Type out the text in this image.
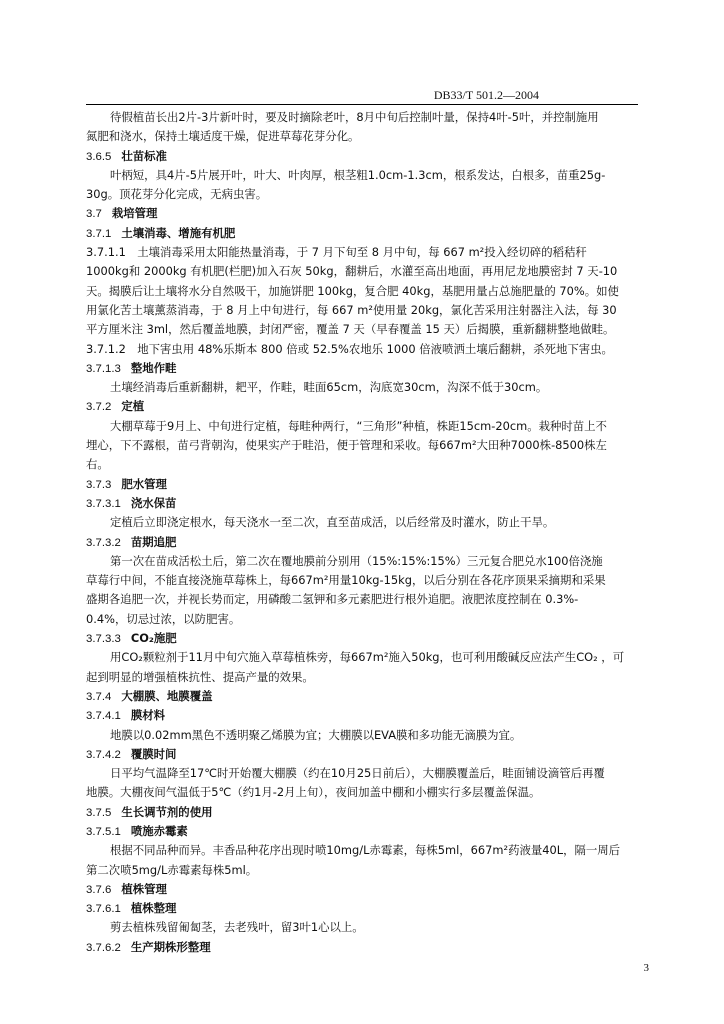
DB33/T 501.2—2004
待假植苗长出2片-3片新叶时，要及时摘除老叶，8月中旬后控制叶量，保持4叶-5叶，并控制施用
氮肥和浇水，保持土壤适度干燥，促进草莓花芽分化。
3.6.5 壮苗标准
叶柄短，具4片-5片展开叶，叶大、叶肉厚，根茎粗1.0cm-1.3cm，根系发达，白根多，苗重25g-
30g。顶花芽分化完成，无病虫害。
3.7 栽培管理
3.7.1 土壤消毒、增施有机肥
3.7.1.1　土壤消毒采用太阳能热量消毒，于 7 月下旬至 8 月中旬，每 667 m²投入经切碎的稻秸秆
1000kg和 2000kg 有机肥(栏肥)加入石灰 50kg，翻耕后，水灌至高出地面，再用尼龙地膜密封 7 天-10
天。揭膜后让土壤将水分自然吸干，加施饼肥 100kg，复合肥 40kg，基肥用量占总施肥量的 70%。如使
用氯化苦土壤薰蒸消毒，于 8 月上中旬进行，每 667 m²使用量 20kg，氯化苦采用注射器注入法，每 30
平方厘米注 3ml，然后覆盖地膜，封闭严密，覆盖 7 天（早春覆盖 15 天）后揭膜，重新翻耕整地做畦。
3.7.1.2　地下害虫用 48%乐斯本 800 倍或 52.5%农地乐 1000 倍液喷洒土壤后翻耕，杀死地下害虫。
3.7.1.3 整地作畦
土壤经消毒后重新翻耕，耙平，作畦，畦面65cm，沟底宽30cm，沟深不低于30cm。
3.7.2 定植
大棚草莓于9月上、中旬进行定植，每畦种两行，“三角形”种植，株距15cm-20cm。栽种时苗上不
埋心，下不露根，苗弓背朝沟，使果实产于畦沿，便于管理和采收。每667m²大田种7000株-8500株左
右。
3.7.3 肥水管理
3.7.3.1 浇水保苗
定植后立即浇定根水，每天浇水一至二次，直至苗成活，以后经常及时灌水，防止干旱。
3.7.3.2 苗期追肥
第一次在苗成活松土后，第二次在覆地膜前分别用（15%:15%:15%）三元复合肥兑水100倍浇施
草莓行中间，不能直接浇施草莓株上，每667m²用量10kg-15kg，以后分别在各花序顶果采摘期和采果
盛期各追肥一次，并视长势而定，用磷酸二氢钾和多元素肥进行根外追肥。液肥浓度控制在 0.3%-
0.4%，切忌过浓，以防肥害。
3.7.3.3 CO₂施肥
用CO₂颗粒剂于11月中旬穴施入草莓植株旁，每667m²施入50kg，也可利用酸碱反应法产生CO₂ ，可
起到明显的增强植株抗性、提高产量的效果。
3.7.4 大棚膜、地膜覆盖
3.7.4.1 膜材料
地膜以0.02mm黑色不透明聚乙烯膜为宜；大棚膜以EVA膜和多功能无滴膜为宜。
3.7.4.2 覆膜时间
日平均气温降至17℃时开始覆大棚膜（约在10月25日前后），大棚膜覆盖后，畦面铺设滴管后再覆
地膜。大棚夜间气温低于5℃（约1月-2月上旬），夜间加盖中棚和小棚实行多层覆盖保温。
3.7.5 生长调节剂的使用
3.7.5.1 喷施赤霉素
根据不同品种而异。丰香品种花序出现时喷10mg/L赤霉素，每株5ml，667m²药液量40L，隔一周后
第二次喷5mg/L赤霉素每株5ml。
3.7.6 植株管理
3.7.6.1 植株整理
剪去植株残留匍匐茎，去老残叶，留3叶1心以上。
3.7.6.2 生产期株形整理
3
